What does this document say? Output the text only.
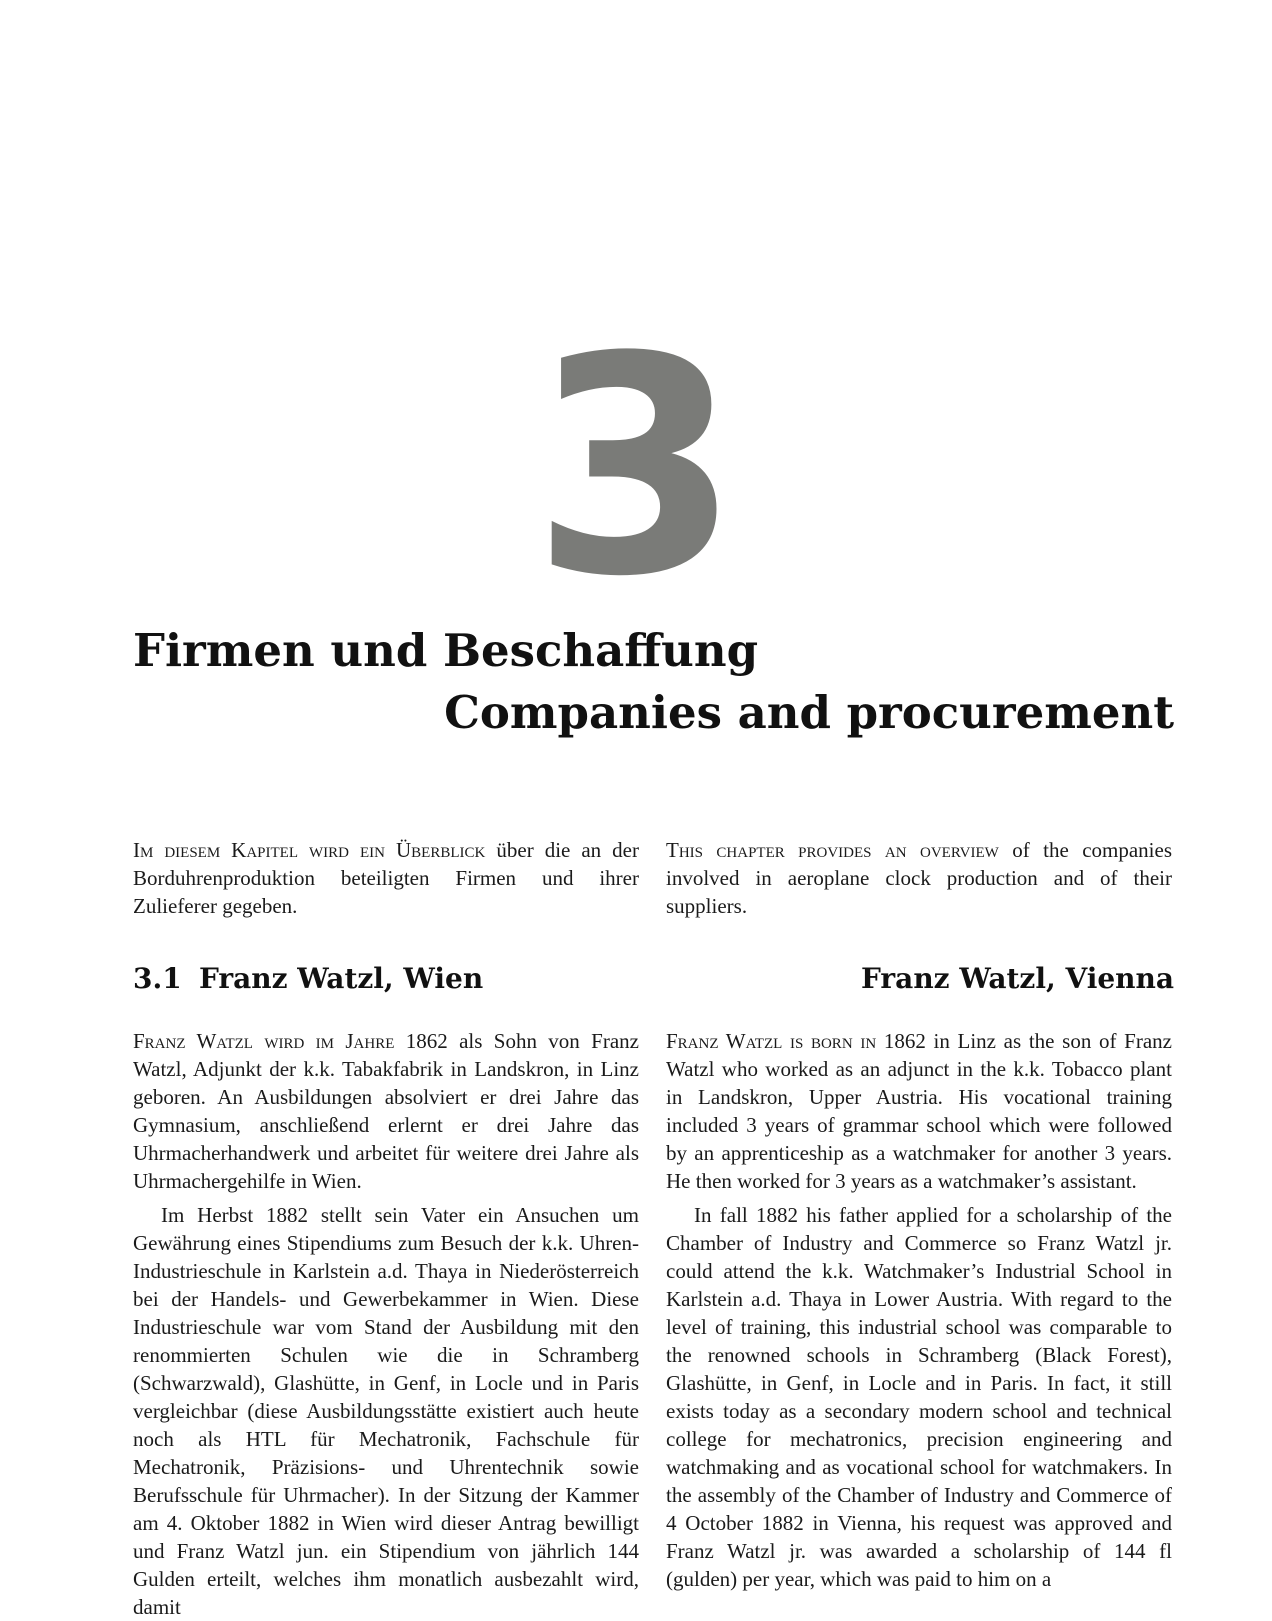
3
Firmen und Beschaffung
Companies and procurement
Im diesem Kapitel wird ein Überblick über die an der Borduhrenproduktion beteiligten Firmen und ihrer Zulieferer gegeben.
This chapter provides an overview of the companies involved in aeroplane clock production and of their suppliers.
3.1 Franz Watzl, Wien	Franz Watzl, Vienna

Franz Watzl wird im Jahre 1862 als Sohn von Franz Watzl, Adjunkt der k.k. Tabakfabrik in Landskron, in Linz geboren. An Ausbildungen absolviert er drei Jahre das Gymnasium, anschließend erlernt er drei Jahre das Uhrmacherhandwerk und arbeitet für weitere drei Jahre als Uhrmachergehilfe in Wien.

Im Herbst 1882 stellt sein Vater ein Ansuchen um Gewährung eines Stipendiums zum Besuch der k.k. Uhren-Industrieschule in Karlstein a.d. Thaya in Niederösterreich bei der Handels- und Gewerbekammer in Wien. Diese Industrieschule war vom Stand der Ausbildung mit den renommierten Schulen wie die in Schramberg (Schwarzwald), Glashütte, in Genf, in Locle und in Paris vergleichbar (diese Ausbildungsstätte existiert auch heute noch als HTL für Mechatronik, Fachschule für Mechatronik, Präzisions- und Uhrentechnik sowie Berufsschule für Uhrmacher). In der Sitzung der Kammer am 4. Oktober 1882 in Wien wird dieser Antrag bewilligt und Franz Watzl jun. ein Stipendium von jährlich 144 Gulden erteilt, welches ihm monatlich ausbezahlt wird, damit

Franz Watzl is born in 1862 in Linz as the son of Franz Watzl who worked as an adjunct in the k.k. Tobacco plant in Landskron, Upper Austria. His vocational training included 3 years of grammar school which were followed by an apprenticeship as a watchmaker for another 3 years. He then worked for 3 years as a watchmaker’s assistant.

In fall 1882 his father applied for a scholarship of the Chamber of Industry and Commerce so Franz Watzl jr. could attend the k.k. Watchmaker’s Industrial School in Karlstein a.d. Thaya in Lower Austria. With regard to the level of training, this industrial school was comparable to the renowned schools in Schramberg (Black Forest), Glashütte, in Genf, in Locle and in Paris. In fact, it still exists today as a secondary modern school and technical college for mechatronics, precision engineering and watchmaking and as vocational school for watchmakers. In the assembly of the Chamber of Industry and Commerce of 4 October 1882 in Vienna, his request was approved and Franz Watzl jr. was awarded a scholarship of 144 fl (gulden) per year, which was paid to him on a
